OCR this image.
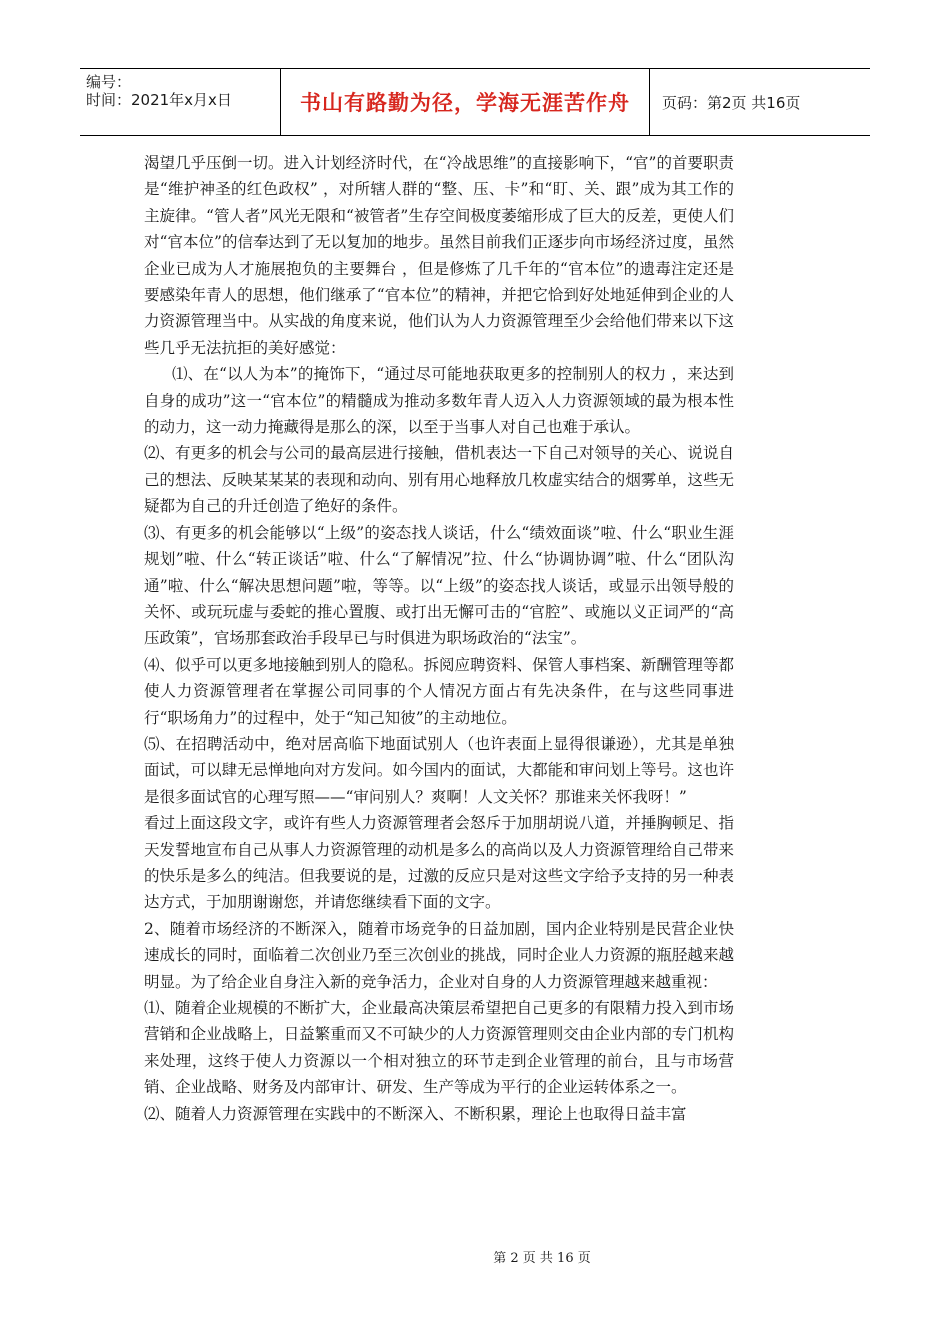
编号：
时间：2021年x月x日	书山有路勤为径，学海无涯苦作舟	页码：第2页 共16页

渴望几乎压倒一切。进入计划经济时代，在“冷战思维”的直接影响下，“官”的首要职责是“维护神圣的红色政权” ，对所辖人群的“整、压、卡”和“盯、关、跟”成为其工作的主旋律。“管人者”风光无限和“被管者”生存空间极度萎缩形成了巨大的反差，更使人们对“官本位”的信奉达到了无以复加的地步。虽然目前我们正逐步向市场经济过度，虽然企业已成为人才施展抱负的主要舞台 ，但是修炼了几千年的“官本位”的遗毒注定还是要感染年青人的思想，他们继承了“官本位”的精神，并把它恰到好处地延伸到企业的人力资源管理当中。从实战的角度来说，他们认为人力资源管理至少会给他们带来以下这些几乎无法抗拒的美好感觉：

⑴、在“以人为本”的掩饰下，“通过尽可能地获取更多的控制别人的权力 ，来达到自身的成功”这一“官本位”的精髓成为推动多数年青人迈入人力资源领域的最为根本性的动力，这一动力掩藏得是那么的深，以至于当事人对自己也难于承认。

⑵、有更多的机会与公司的最高层进行接触，借机表达一下自己对领导的关心、说说自己的想法、反映某某某的表现和动向、别有用心地释放几枚虚实结合的烟雾单，这些无疑都为自己的升迁创造了绝好的条件。

⑶、有更多的机会能够以“上级”的姿态找人谈话，什么“绩效面谈”啦、什么“职业生涯规划”啦、什么“转正谈话”啦、什么“了解情况”拉、什么“协调协调”啦、什么“团队沟通”啦、什么“解决思想问题”啦，等等。以“上级”的姿态找人谈话，或显示出领导般的关怀、或玩玩虚与委蛇的推心置腹、或打出无懈可击的“官腔”、或施以义正词严的“高压政策”，官场那套政治手段早已与时俱进为职场政治的“法宝”。

⑷、似乎可以更多地接触到别人的隐私。拆阅应聘资料、保管人事档案、新酬管理等都使人力资源管理者在掌握公司同事的个人情况方面占有先决条件，在与这些同事进行“职场角力”的过程中，处于“知己知彼”的主动地位。

⑸、在招聘活动中，绝对居高临下地面试别人（也许表面上显得很谦逊），尤其是单独面试，可以肆无忌惮地向对方发问。如今国内的面试，大都能和审问划上等号。这也许是很多面试官的心理写照——“审问别人？爽啊！人文关怀？那谁来关怀我呀！”

看过上面这段文字，或许有些人力资源管理者会怒斥于加朋胡说八道，并捶胸顿足、指天发誓地宣布自己从事人力资源管理的动机是多么的高尚以及人力资源管理给自己带来的快乐是多么的纯洁。但我要说的是，过激的反应只是对这些文字给予支持的另一种表达方式，于加朋谢谢您，并请您继续看下面的文字。

2、随着市场经济的不断深入，随着市场竞争的日益加剧，国内企业特别是民营企业快速成长的同时，面临着二次创业乃至三次创业的挑战，同时企业人力资源的瓶胫越来越明显。为了给企业自身注入新的竞争活力，企业对自身的人力资源管理越来越重视：

⑴、随着企业规模的不断扩大，企业最高决策层希望把自己更多的有限精力投入到市场营销和企业战略上，日益繁重而又不可缺少的人力资源管理则交由企业内部的专门机构来处理，这终于使人力资源以一个相对独立的环节走到企业管理的前台，且与市场营销、企业战略、财务及内部审计、研发、生产等成为平行的企业运转体系之一。

⑵、随着人力资源管理在实践中的不断深入、不断积累，理论上也取得日益丰富

第 2 页 共 16 页
